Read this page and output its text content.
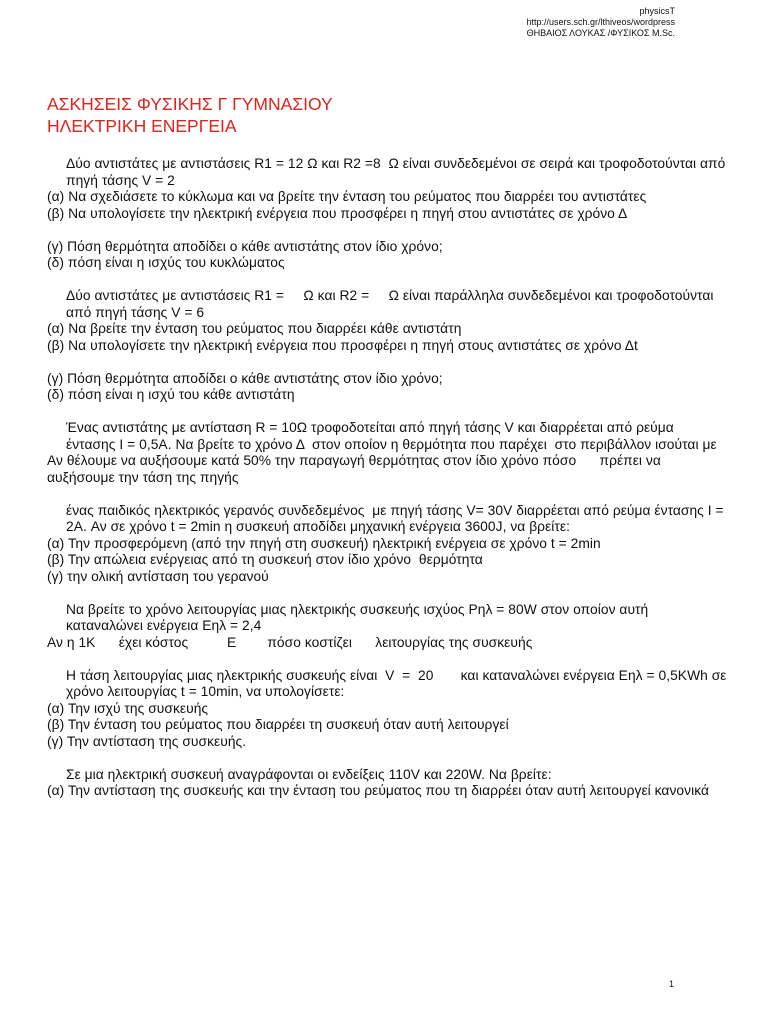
physicsT
http://users.sch.gr/lthiveos/wordpress
ΘΗΒΑΙΟΣ ΛΟΥΚΑΣ /ΦΥΣΙΚΟΣ M.Sc.
ΑΣΚΗΣΕΙΣ ΦΥΣΙΚΗΣ Γ ΓΥΜΝΑΣΙΟΥ
ΗΛΕΚΤΡΙΚΗ ΕΝΕΡΓΕΙΑ

Δύο αντιστάτες με αντιστάσεις R1 = 12 Ω και R2 =8  Ω είναι συνδεδεμένοι σε σειρά και τροφοδοτούνται από πηγή τάσης V = 2

(α) Να σχεδιάσετε το κύκλωμα και να βρείτε την ένταση του ρεύματος που διαρρέει του αντιστάτες

(β) Να υπολογίσετε την ηλεκτρική ενέργεια που προσφέρει η πηγή στου αντιστάτες σε χρόνο Δ

(γ) Πόση θερμότητα αποδίδει ο κάθε αντιστάτης στον ίδιο χρόνο;

(δ) πόση είναι η ισχύς του κυκλώματος

Δύο αντιστάτες με αντιστάσεις R1 =     Ω και R2 =     Ω είναι παράλληλα συνδεδεμένοι και τροφοδοτούνται από πηγή τάσης V = 6

(α) Να βρείτε την ένταση του ρεύματος που διαρρέει κάθε αντιστάτη

(β) Να υπολογίσετε την ηλεκτρική ενέργεια που προσφέρει η πηγή στους αντιστάτες σε χρόνο Δt

(γ) Πόση θερμότητα αποδίδει ο κάθε αντιστάτης στον ίδιο χρόνο;

(δ) πόση είναι η ισχύ του κάθε αντιστάτη

Ένας αντιστάτης με αντίσταση R = 10Ω τροφοδοτείται από πηγή τάσης V και διαρρέεται από ρεύμα έντασης I = 0,5A. Να βρείτε το χρόνο Δ  στον οποίον η θερμότητα που παρέχει  στο περιβάλλον ισούται με

Αν θέλουμε να αυξήσουμε κατά 50% την παραγωγή θερμότητας στον ίδιο χρόνο πόσο      πρέπει να αυξήσουμε την τάση της πηγής

ένας παιδικός ηλεκτρικός γερανός συνδεδεμένος  με πηγή τάσης V= 30V διαρρέεται από ρεύμα έντασης I = 2A. Αν σε χρόνο t = 2min η συσκευή αποδίδει μηχανική ενέργεια 3600J, να βρείτε:

(α) Την προσφερόμενη (από την πηγή στη συσκευή) ηλεκτρική ενέργεια σε χρόνο t = 2min

(β) Την απώλεια ενέργειας από τη συσκευή στον ίδιο χρόνο  θερμότητα

(γ) την ολική αντίσταση του γερανού

Να βρείτε το χρόνο λειτουργίας μιας ηλεκτρικής συσκευής ισχύος Pηλ = 80W στον οποίον αυτή καταναλώνει ενέργεια Eηλ = 2,4

Αν η 1K      έχει κόστος          Ε        πόσο κοστίζει      λειτουργίας της συσκευής

Η τάση λειτουργίας μιας ηλεκτρικής συσκευής είναι  V  =  20       και καταναλώνει ενέργεια Eηλ = 0,5KWh σε χρόνο λειτουργίας t = 10min, να υπολογίσετε:

(α) Την ισχύ της συσκευής

(β) Την ένταση του ρεύματος που διαρρέει τη συσκευή όταν αυτή λειτουργεί

(γ) Την αντίσταση της συσκευής.

Σε μια ηλεκτρική συσκευή αναγράφονται οι ενδείξεις 110V και 220W. Να βρείτε:

(α) Την αντίσταση της συσκευής και την ένταση του ρεύματος που τη διαρρέει όταν αυτή λειτουργεί κανονικά

1
